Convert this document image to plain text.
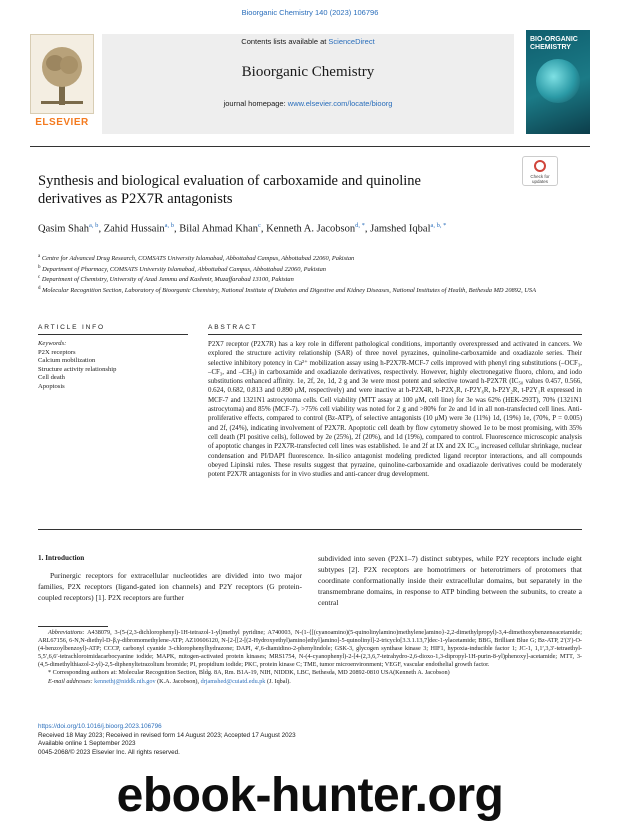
Bioorganic Chemistry 140 (2023) 106796
ELSEVIER
Contents lists available at ScienceDirect
Bioorganic Chemistry
journal homepage: www.elsevier.com/locate/bioorg
BIO-ORGANIC CHEMISTRY
Check for updates
Synthesis and biological evaluation of carboxamide and quinoline derivatives as P2X7R antagonists
Qasim Shah$^{a, b}$, Zahid Hussain$^{a, b}$, Bilal Ahmad Khan$^c$, Kenneth A. Jacobson$^{d, *}$, Jamshed Iqbal$^{a, b, *}$
$^a$ Centre for Advanced Drug Research, COMSATS University Islamabad, Abbottabad Campus, Abbottabad 22060, Pakistan
$^b$ Department of Pharmacy, COMSATS University Islamabad, Abbottabad Campus, Abbottabad 22060, Pakistan
$^c$ Department of Chemistry, University of Azad Jammu and Kashmir, Muzaffarabad 13100, Pakistan
$^d$ Molecular Recognition Section, Laboratory of Bioorganic Chemistry, National Institute of Diabetes and Digestive and Kidney Diseases, National Institutes of Health, Bethesda MD 20892, USA
ARTICLE INFO	ABSTRACT
Keywords:
P2X receptors
Calcium mobilization
Structure activity relationship
Cell death
Apoptosis

P2X7 receptor (P2X7R) has a key role in different pathological conditions, importantly overexpressed and activated in cancers. We explored the structure activity relationship (SAR) of three novel pyrazines, quinoline-carboxamide and oxadiazole series. Their selective inhibitory potency in Ca²⁺ mobilization assay using h-P2X7R-MCF-7 cells improved with phenyl ring substitutions (–OCF₃, –CF₃, and –CH₃) in carboxamide and oxadiazole derivatives, respectively. However, highly electronegative fluoro, chloro, and iodo substitutions enhanced affinity. 1e, 2f, 2e, 1d, 2 g and 3e were most potent and selective toward h-P2X7R (IC₅₀ values 0.457, 0.566, 0.624, 0.682, 0.813 and 0.890 μM, respectively) and were inactive at h-P2X4R, h-P2X₂R, r-P2Y₆R, h-P2Y₂R, t-P2Y₁R expressed in MCF-7 and 1321N1 astrocytoma cells. Cell viability (MTT assay at 100 μM, cell line) for 3e was 62% (HEK-293T), 70% (1321N1 astrocytoma) and 85% (MCF-7). >75% cell viability was noted for 2 g and >80% for 2e and 1d in all non-transfected cell lines. Anti-proliferative effects, compared to control (Bz-ATP), of selective antagonists (10 μM) were 3e (11%) 1d, (19%) 1e, (70%, P = 0.005) and 2f, (24%), indicating involvement of P2X7R. Apoptotic cell death by flow cytometry showed 1e to be most promising, with 35% cell death (PI positive cells), followed by 2e (25%), 2f (20%), and 1d (19%), compared to control. Fluorescence microscopic analysis of apoptotic changes in P2X7R-transfected cell lines was established. 1e and 2f at IX and 2X IC₅₀ increased cellular shrinkage, nuclear condensation and PI/DAPI fluorescence. In-silico antagonist modeling predicted ligand receptor interactions, and all compounds obeyed Lipinski rules. These results suggest that pyrazine, quinoline-carboxamide and oxadiazole derivatives could be moderately potent P2X7R antagonists for in vivo studies and anti-cancer drug development.

1. Introduction

Purinergic receptors for extracellular nucleotides are divided into two major families, P2X receptors (ligand-gated ion channels) and P2Y receptors (G protein-coupled receptors) [1]. P2X receptors are further

subdivided into seven (P2X1–7) distinct subtypes, while P2Y receptors include eight subtypes [2]. P2X receptors are homotrimers or heterotrimers of protomers that coordinate conformationally inside their extracellular domains, but separately in the transmembrane domains, in response to ATP binding between the subunits, to create a central

Abbreviations: A438079, 3-(5-(2,3-dichlorophenyl)-1H-tetrazol-1-yl)methyl pyridine; A740003, N-(1-{[(cyanoamino)(5-quinolinylamino)methylene]amino}-2,2-dimethylpropyl)-3,4-dimethoxybenzeneacetamide; ARL67156, 6-N,N-diethyl-D-β,γ-dibromomethylene-ATP; AZ10606120, N-[2-[[2-[(2-Hydroxyethyl)amino]ethyl]amino]-5-quinolinyl]-2-tricyclo[3.3.1.13,7]dec-1-ylacetamide; BBG, Brilliant Blue G; Bz-ATP, 2′(3′)-O-(4-benzoylbenzoyl)-ATP; CCCP, carbonyl cyanide 3-chlorophenylhydrazone; DAPI, 4′,6-diamidino-2-phenylindole; GSK-3, glycogen synthase kinase 3; HIF1, hypoxia-inducible factor 1; JC-1, 1,1′,3,3′-tetraethyl-5,5′,6,6′-tetrachloroimidacarbocyanine iodide; MAPK, mitogen-activated protein kinases; MRS1754, N-(4-cyanophenyl)-2-[4-(2,3,6,7-tetrahydro-2,6-dioxo-1,3-dipropyl-1H-purin-8-yl)phenoxy]-acetamide; MTT, 3-(4,5-dimethylthiazol-2-yl)-2,5-diphenyltetrazolium bromide; PI, propidium iodide; PKC, protein kinase C; TME, tumor microenvironment; VEGF, vascular endothelial growth factor.

* Corresponding authors at: Molecular Recognition Section, Bldg. 8A, Rm. B1A-19, NIH, NIDDK, LBC, Bethesda, MD 20892-0810 USA(Kenneth A. Jacobson)

E-mail addresses: kennethj@niddk.nih.gov (K.A. Jacobson), drjamshed@cuiatd.edu.pk (J. Iqbal).

https://doi.org/10.1016/j.bioorg.2023.106796
Received 18 May 2023; Received in revised form 14 August 2023; Accepted 17 August 2023
Available online 1 September 2023
0045-2068/© 2023 Elsevier Inc. All rights reserved.
ebook-hunter.org
